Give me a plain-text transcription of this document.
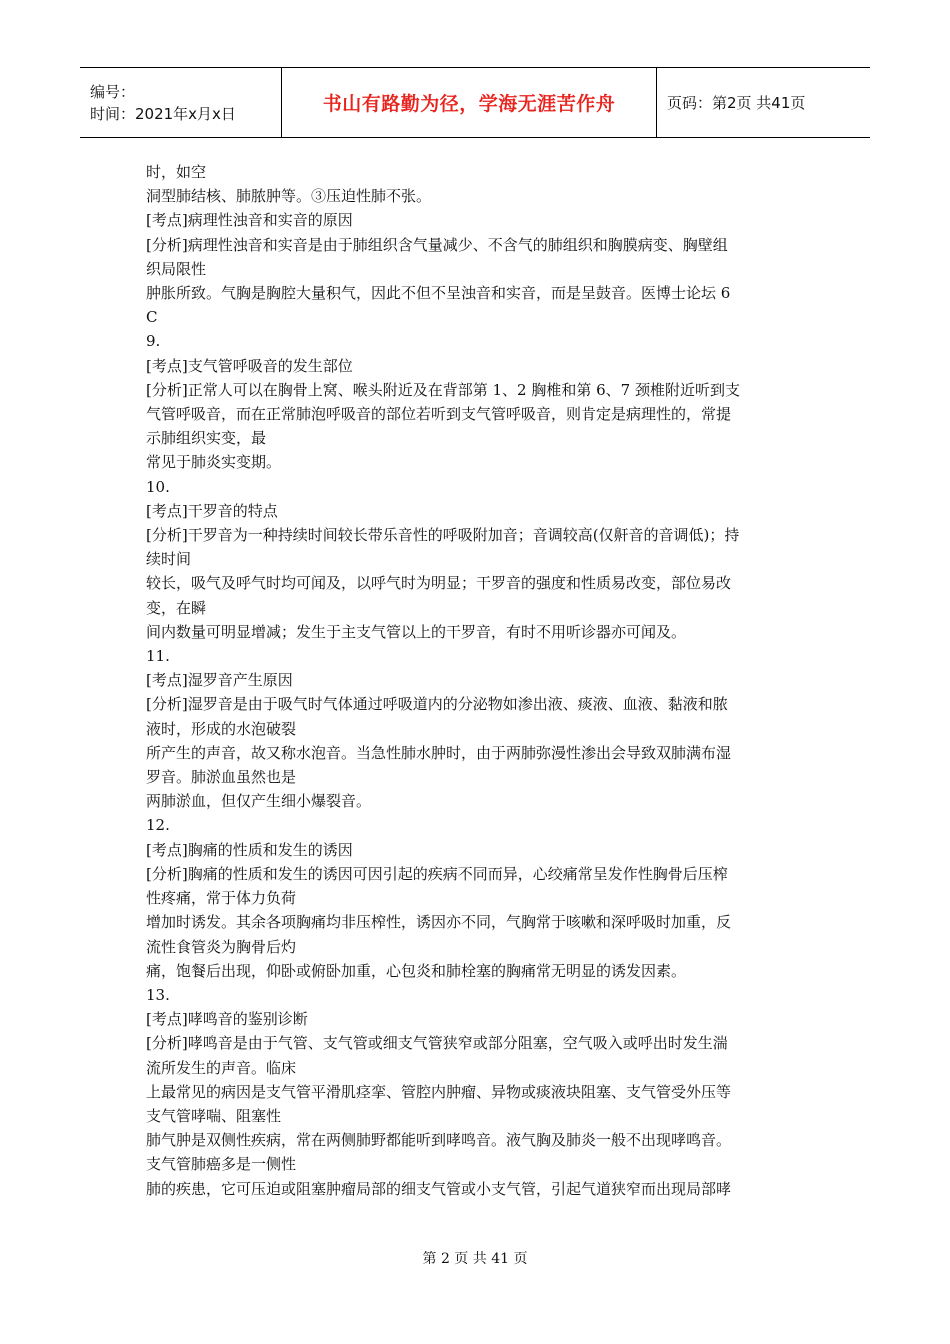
编号：
时间：2021年x月x日	书山有路勤为径，学海无涯苦作舟	页码：第2页 共41页

时，如空

洞型肺结核、肺脓肿等。③压迫性肺不张。

[考点]病理性浊音和实音的原因

[分析]病理性浊音和实音是由于肺组织含气量减少、不含气的肺组织和胸膜病变、胸壁组

织局限性

肿胀所致。气胸是胸腔大量积气，因此不但不呈浊音和实音，而是呈鼓音。医博士论坛 6

C

9.

[考点]支气管呼吸音的发生部位

[分析]正常人可以在胸骨上窝、喉头附近及在背部第 1、2 胸椎和第 6、7 颈椎附近听到支

气管呼吸音，而在正常肺泡呼吸音的部位若听到支气管呼吸音，则肯定是病理性的，常提

示肺组织实变，最

常见于肺炎实变期。

10.

[考点]干罗音的特点

[分析]干罗音为一种持续时间较长带乐音性的呼吸附加音；音调较高(仅鼾音的音调低)；持

续时间

较长，吸气及呼气时均可闻及，以呼气时为明显；干罗音的强度和性质易改变，部位易改

变，在瞬

间内数量可明显增减；发生于主支气管以上的干罗音，有时不用听诊器亦可闻及。

11.

[考点]湿罗音产生原因

[分析]湿罗音是由于吸气时气体通过呼吸道内的分泌物如渗出液、痰液、血液、黏液和脓

液时，形成的水泡破裂

所产生的声音，故又称水泡音。当急性肺水肿时，由于两肺弥漫性渗出会导致双肺满布湿

罗音。肺淤血虽然也是

两肺淤血，但仅产生细小爆裂音。

12.

[考点]胸痛的性质和发生的诱因

[分析]胸痛的性质和发生的诱因可因引起的疾病不同而异，心绞痛常呈发作性胸骨后压榨

性疼痛，常于体力负荷

增加时诱发。其余各项胸痛均非压榨性，诱因亦不同，气胸常于咳嗽和深呼吸时加重，反

流性食管炎为胸骨后灼

痛，饱餐后出现，仰卧或俯卧加重，心包炎和肺栓塞的胸痛常无明显的诱发因素。

13.

[考点]哮鸣音的鉴别诊断

[分析]哮鸣音是由于气管、支气管或细支气管狭窄或部分阻塞，空气吸入或呼出时发生湍

流所发生的声音。临床

上最常见的病因是支气管平滑肌痉挛、管腔内肿瘤、异物或痰液块阻塞、支气管受外压等

支气管哮喘、阻塞性

肺气肿是双侧性疾病，常在两侧肺野都能听到哮鸣音。液气胸及肺炎一般不出现哮鸣音。

支气管肺癌多是一侧性

肺的疾患，它可压迫或阻塞肿瘤局部的细支气管或小支气管，引起气道狭窄而出现局部哮

第 2 页 共 41 页
